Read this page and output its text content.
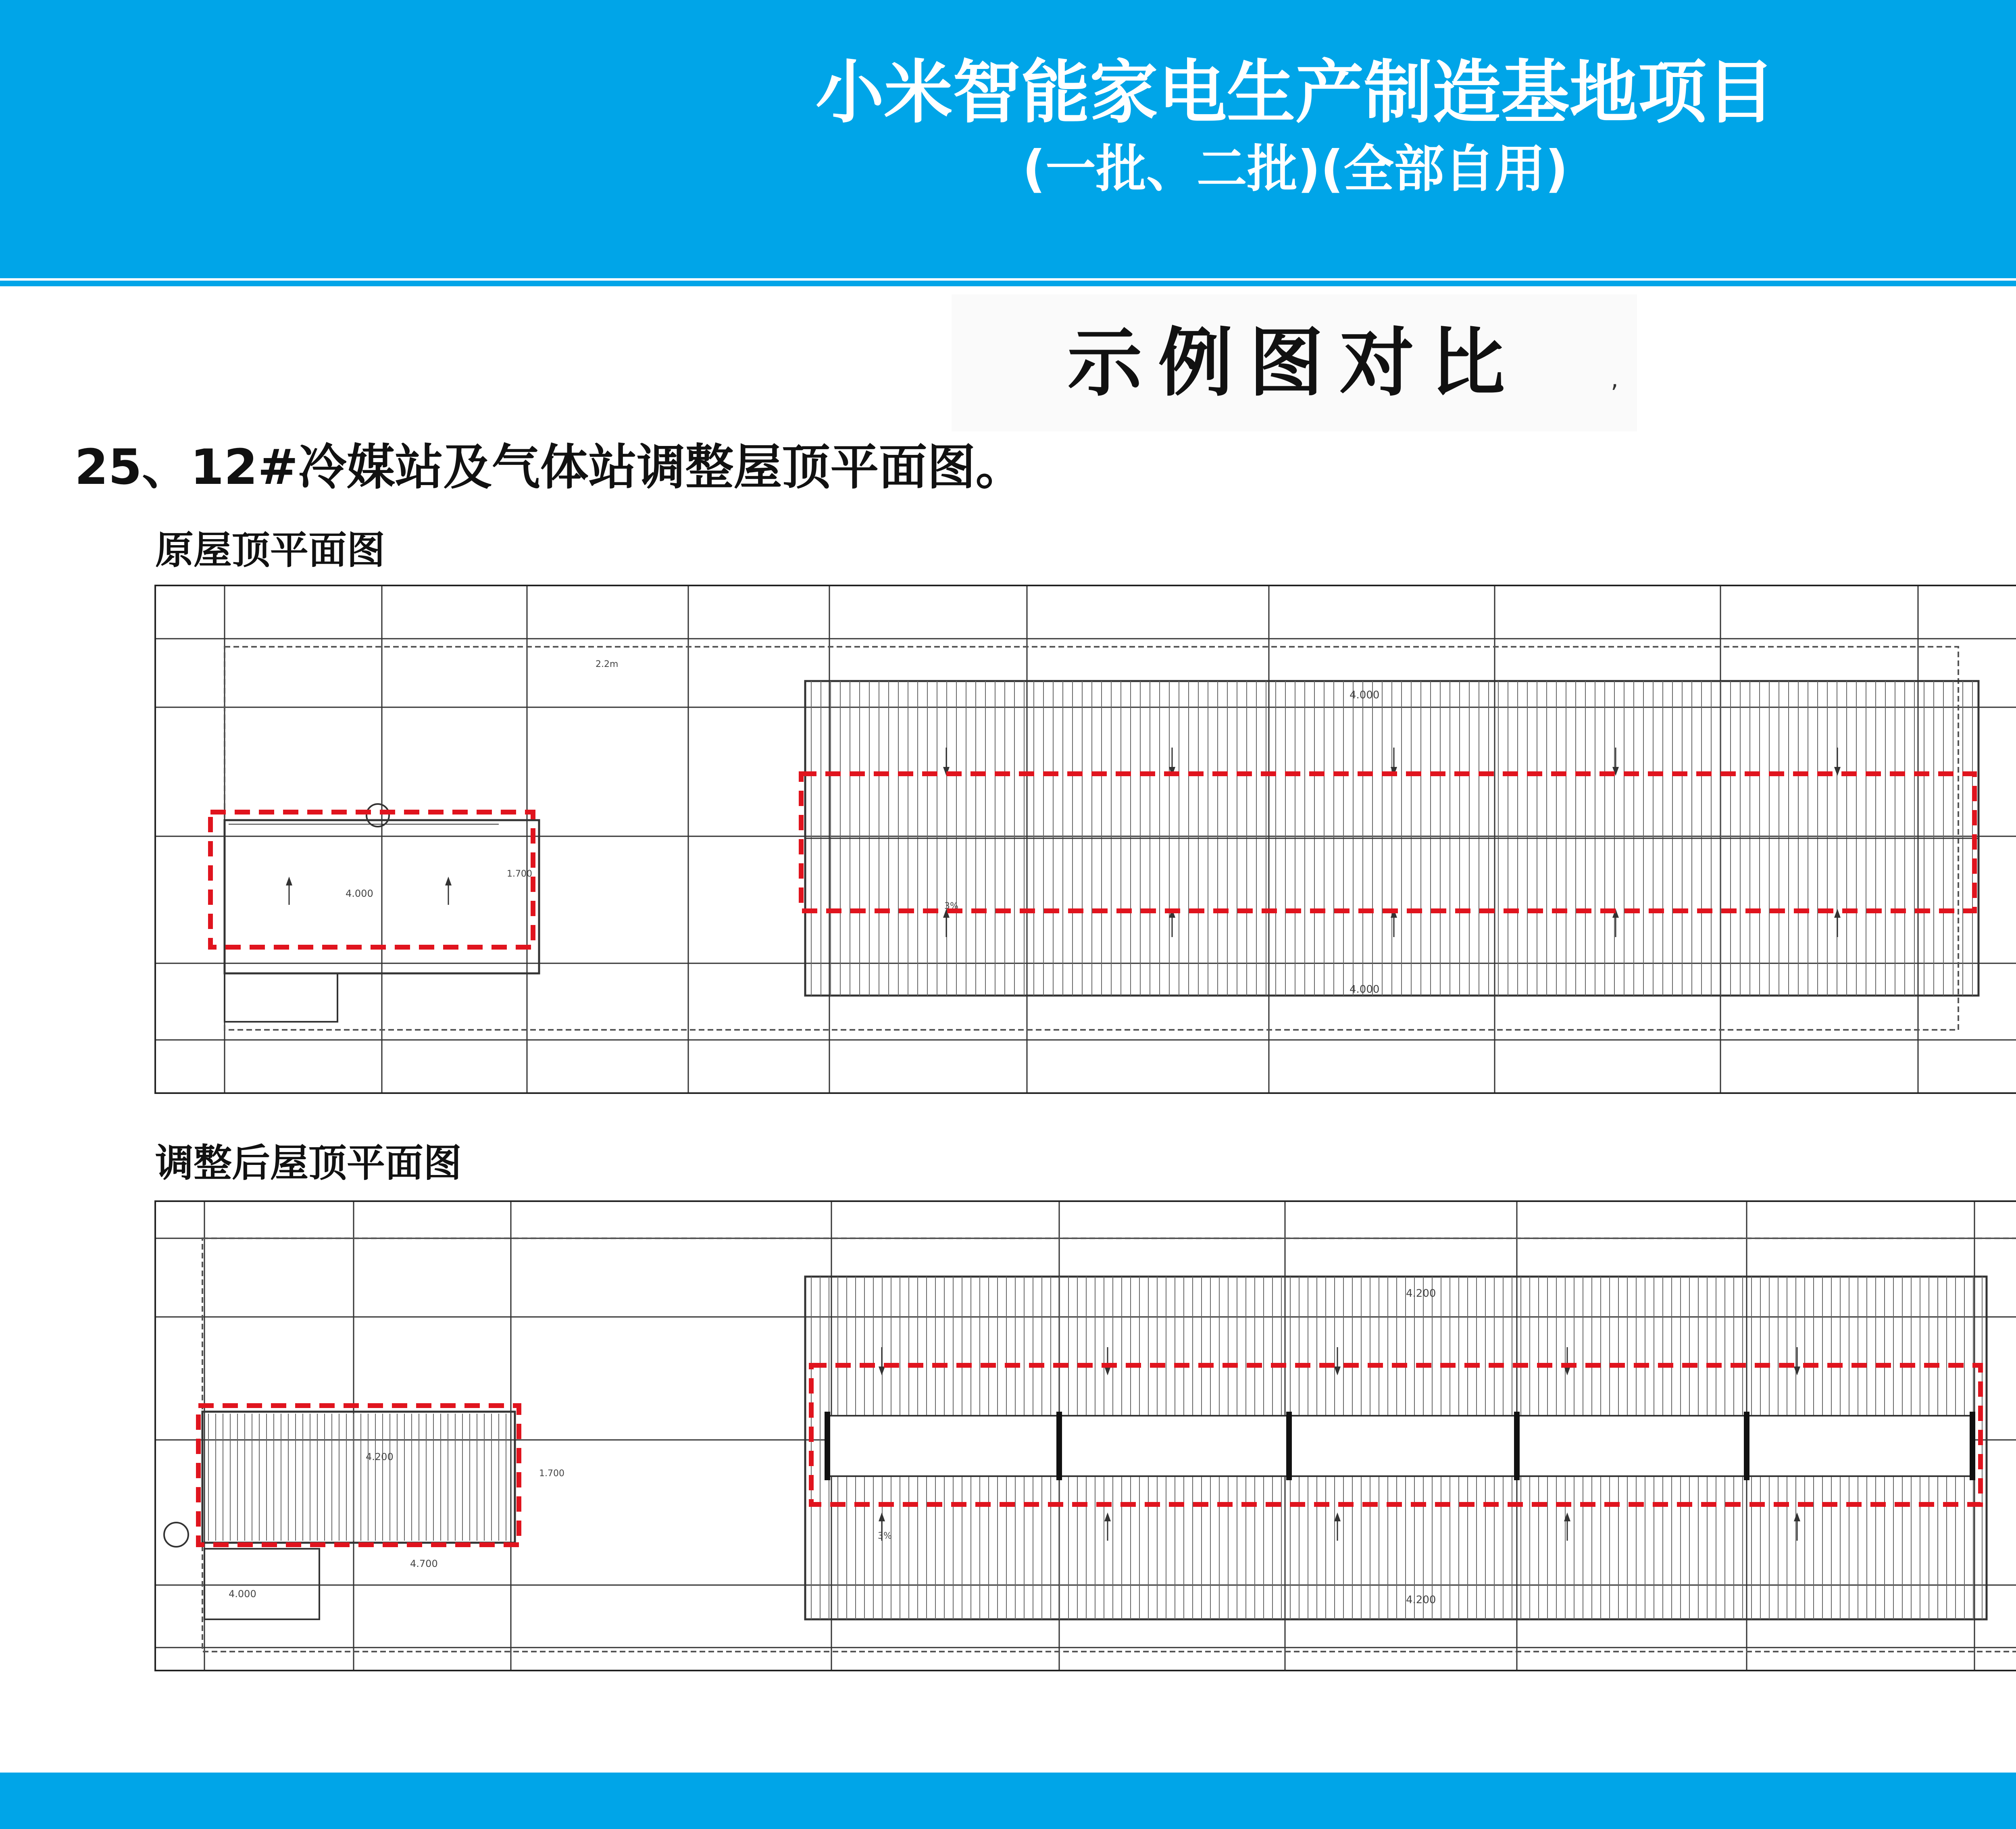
小米智能家电生产制造基地项目
(一批、二批)(全部自用)
示例图对比	,
25、12#冷媒站及气体站调整屋顶平面图。
原屋顶平面图
4.000
4.000
4.000
1.700
2.2m
3%
调整后屋顶平面图
4.200
4.200
4.200
4.000
4.700
1.700
3%
